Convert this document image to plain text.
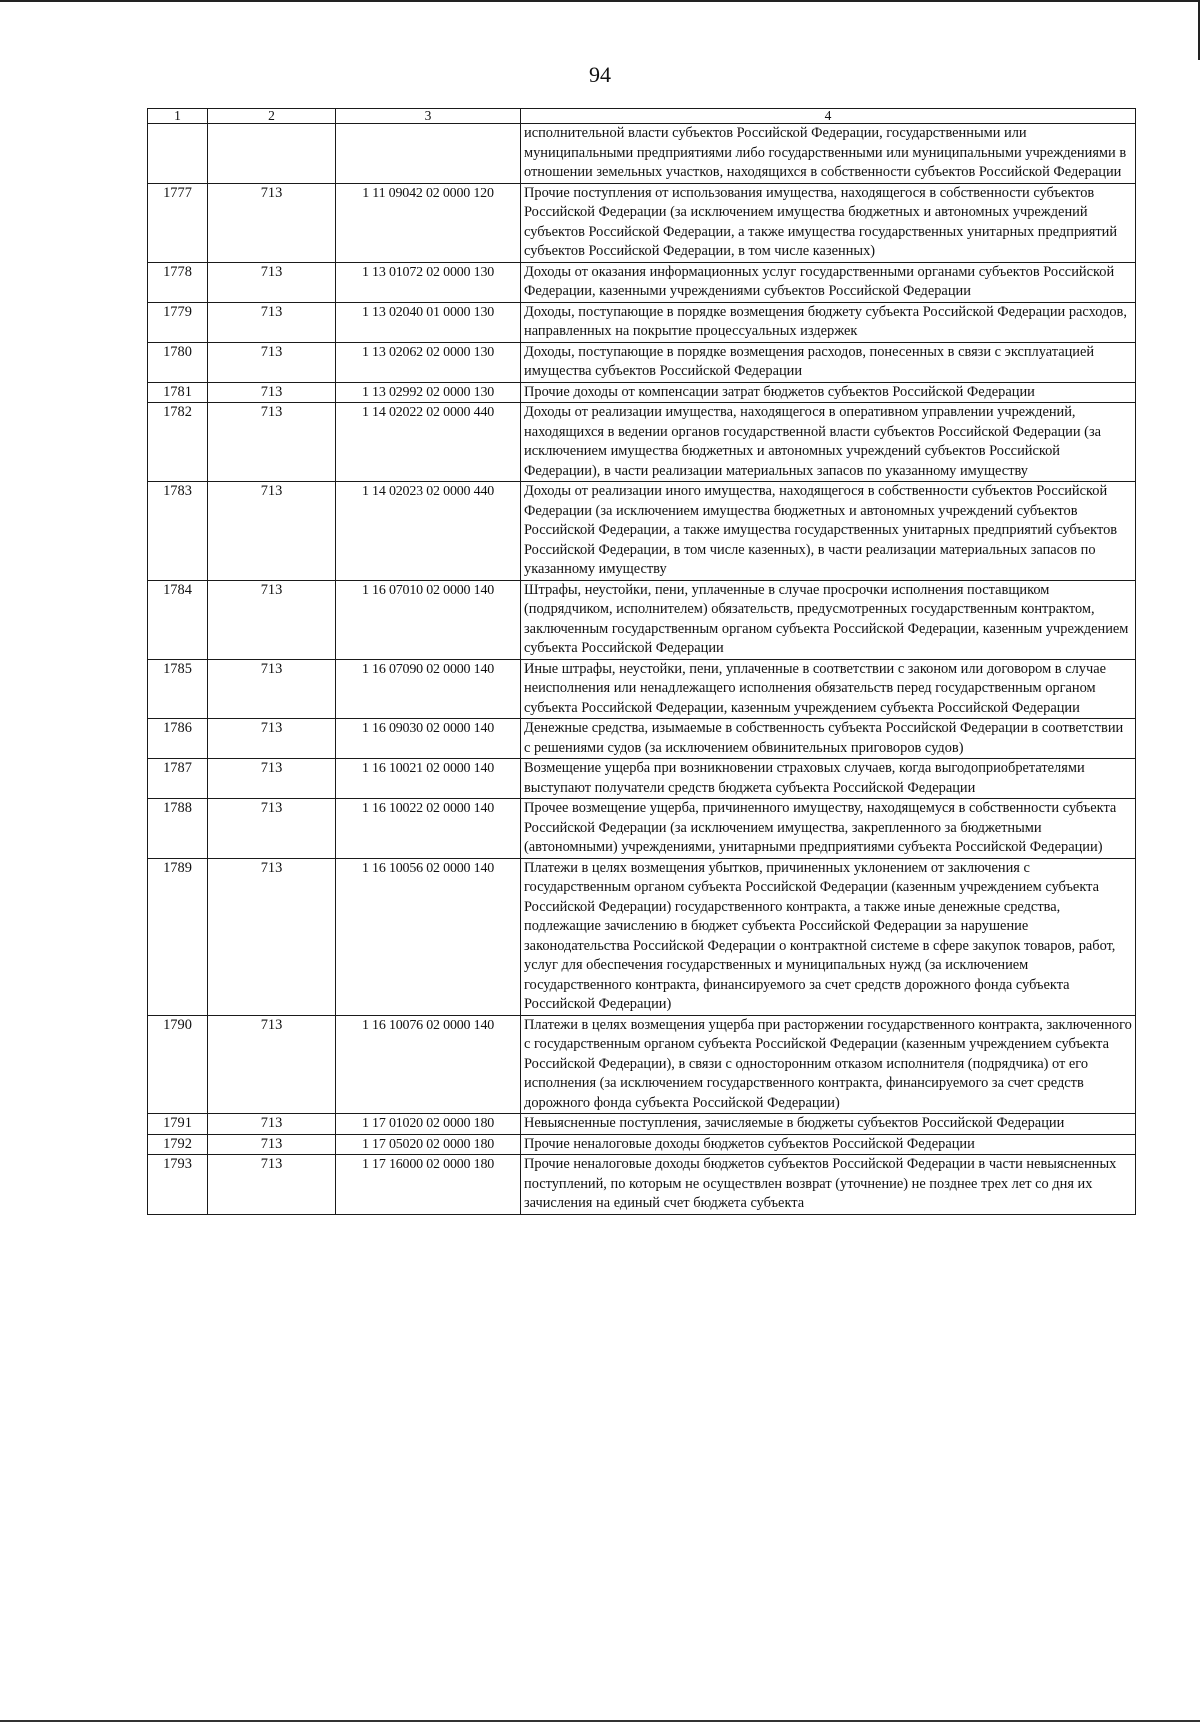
94
1	2	3	4
			исполнительной власти субъектов Российской Федерации, государственными или муниципальными предприятиями либо государственными или муниципальными учреждениями в отношении земельных участков, находящихся в собственности субъектов Российской Федерации
1777	713	1 11 09042 02 0000 120	Прочие поступления от использования имущества, находящегося в собственности субъектов Российской Федерации (за исключением имущества бюджетных и автономных учреждений субъектов Российской Федерации, а также имущества государственных унитарных предприятий субъектов Российской Федерации, в том числе казенных)
1778	713	1 13 01072 02 0000 130	Доходы от оказания информационных услуг государственными органами субъектов Российской Федерации, казенными учреждениями субъектов Российской Федерации
1779	713	1 13 02040 01 0000 130	Доходы, поступающие в порядке возмещения бюджету субъекта Российской Федерации расходов, направленных на покрытие процессуальных издержек
1780	713	1 13 02062 02 0000 130	Доходы, поступающие в порядке возмещения расходов, понесенных в связи с эксплуатацией имущества субъектов Российской Федерации
1781	713	1 13 02992 02 0000 130	Прочие доходы от компенсации затрат бюджетов субъектов Российской Федерации
1782	713	1 14 02022 02 0000 440	Доходы от реализации имущества, находящегося в оперативном управлении учреждений, находящихся в ведении органов государственной власти субъектов Российской Федерации (за исключением имущества бюджетных и автономных учреждений субъектов Российской Федерации), в части реализации материальных запасов по указанному имуществу
1783	713	1 14 02023 02 0000 440	Доходы от реализации иного имущества, находящегося в собственности субъектов Российской Федерации (за исключением имущества бюджетных и автономных учреждений субъектов Российской Федерации, а также имущества государственных унитарных предприятий субъектов Российской Федерации, в том числе казенных), в части реализации материальных запасов по указанному имуществу
1784	713	1 16 07010 02 0000 140	Штрафы, неустойки, пени, уплаченные в случае просрочки исполнения поставщиком (подрядчиком, исполнителем) обязательств, предусмотренных государственным контрактом, заключенным государственным органом субъекта Российской Федерации, казенным учреждением субъекта Российской Федерации
1785	713	1 16 07090 02 0000 140	Иные штрафы, неустойки, пени, уплаченные в соответствии с законом или договором в случае неисполнения или ненадлежащего исполнения обязательств перед государственным органом субъекта Российской Федерации, казенным учреждением субъекта Российской Федерации
1786	713	1 16 09030 02 0000 140	Денежные средства, изымаемые в собственность субъекта Российской Федерации в соответствии с решениями судов (за исключением обвинительных приговоров судов)
1787	713	1 16 10021 02 0000 140	Возмещение ущерба при возникновении страховых случаев, когда выгодоприобретателями выступают получатели средств бюджета субъекта Российской Федерации
1788	713	1 16 10022 02 0000 140	Прочее возмещение ущерба, причиненного имуществу, находящемуся в собственности субъекта Российской Федерации (за исключением имущества, закрепленного за бюджетными (автономными) учреждениями, унитарными предприятиями субъекта Российской Федерации)
1789	713	1 16 10056 02 0000 140	Платежи в целях возмещения убытков, причиненных уклонением от заключения с государственным органом субъекта Российской Федерации (казенным учреждением субъекта Российской Федерации) государственного контракта, а также иные денежные средства, подлежащие зачислению в бюджет субъекта Российской Федерации за нарушение законодательства Российской Федерации о контрактной системе в сфере закупок товаров, работ, услуг для обеспечения государственных и муниципальных нужд (за исключением государственного контракта, финансируемого за счет средств дорожного фонда субъекта Российской Федерации)
1790	713	1 16 10076 02 0000 140	Платежи в целях возмещения ущерба при расторжении государственного контракта, заключенного с государственным органом субъекта Российской Федерации (казенным учреждением субъекта Российской Федерации), в связи с односторонним отказом исполнителя (подрядчика) от его исполнения (за исключением государственного контракта, финансируемого за счет средств дорожного фонда субъекта Российской Федерации)
1791	713	1 17 01020 02 0000 180	Невыясненные поступления, зачисляемые в бюджеты субъектов Российской Федерации
1792	713	1 17 05020 02 0000 180	Прочие неналоговые доходы бюджетов субъектов Российской Федерации
1793	713	1 17 16000 02 0000 180	Прочие неналоговые доходы бюджетов субъектов Российской Федерации в части невыясненных поступлений, по которым не осуществлен возврат (уточнение) не позднее трех лет со дня их зачисления на единый счет бюджета субъекта
